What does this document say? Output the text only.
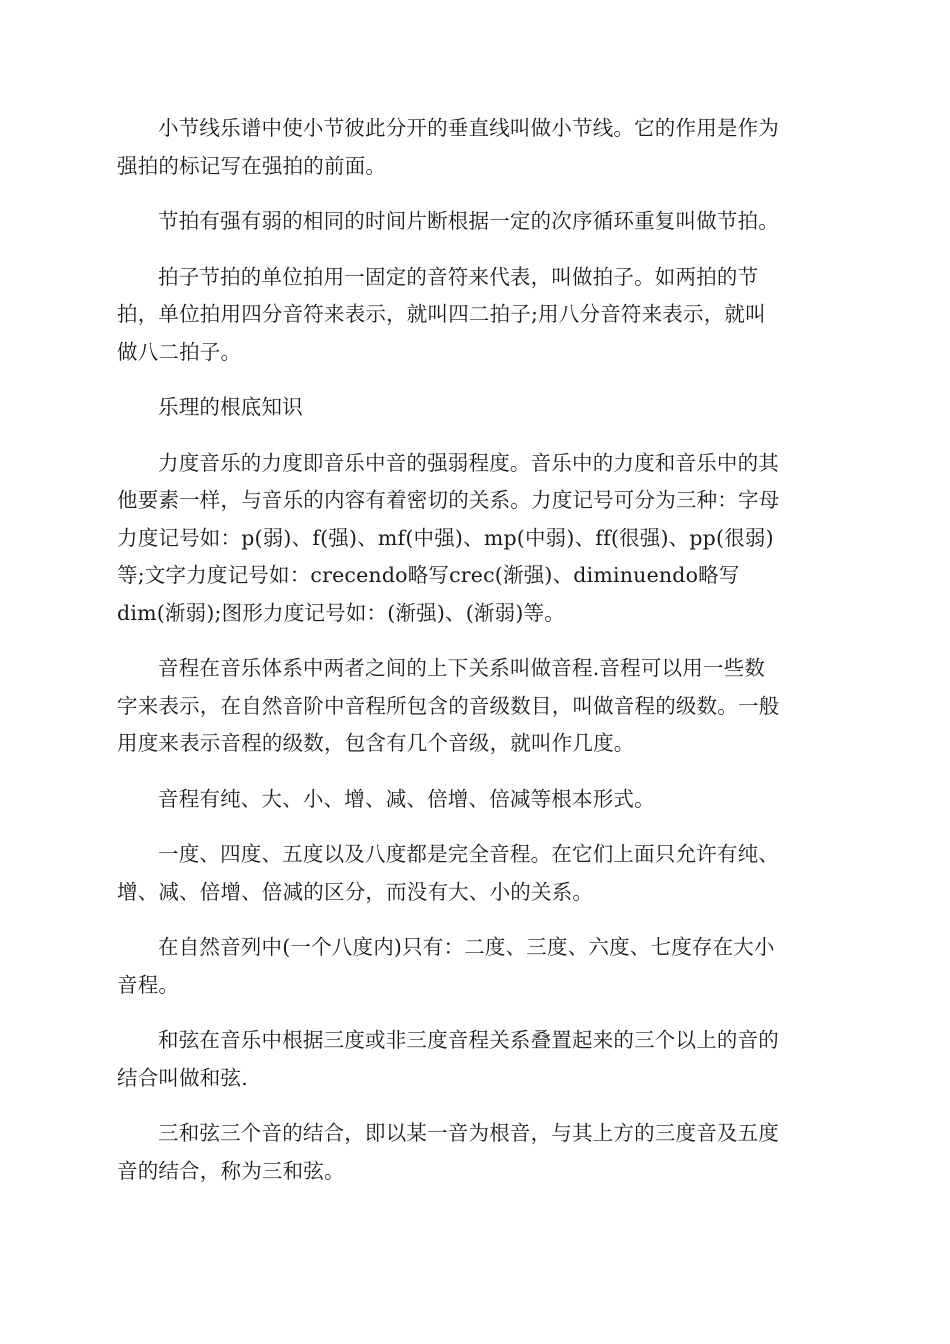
小节线乐谱中使小节彼此分开的垂直线叫做小节线。它的作用是作为
强拍的标记写在强拍的前面。

节拍有强有弱的相同的时间片断根据一定的次序循环重复叫做节拍。

拍子节拍的单位拍用一固定的音符来代表，叫做拍子。如两拍的节
拍，单位拍用四分音符来表示，就叫四二拍子;用八分音符来表示，就叫
做八二拍子。

乐理的根底知识

力度音乐的力度即音乐中音的强弱程度。音乐中的力度和音乐中的其
他要素一样，与音乐的内容有着密切的关系。力度记号可分为三种：字母
力度记号如：p(弱)、f(强)、mf(中强)、mp(中弱)、ff(很强)、pp(很弱)
等;文字力度记号如：crecendo略写crec(渐强)、diminuendo略写
dim(渐弱);图形力度记号如：(渐强)、(渐弱)等。

音程在音乐体系中两者之间的上下关系叫做音程.音程可以用一些数
字来表示，在自然音阶中音程所包含的音级数目，叫做音程的级数。一般
用度来表示音程的级数，包含有几个音级，就叫作几度。

音程有纯、大、小、增、减、倍增、倍减等根本形式。

一度、四度、五度以及八度都是完全音程。在它们上面只允许有纯、
增、减、倍增、倍减的区分，而没有大、小的关系。

在自然音列中(一个八度内)只有：二度、三度、六度、七度存在大小
音程。

和弦在音乐中根据三度或非三度音程关系叠置起来的三个以上的音的
结合叫做和弦.

三和弦三个音的结合，即以某一音为根音，与其上方的三度音及五度
音的结合，称为三和弦。
